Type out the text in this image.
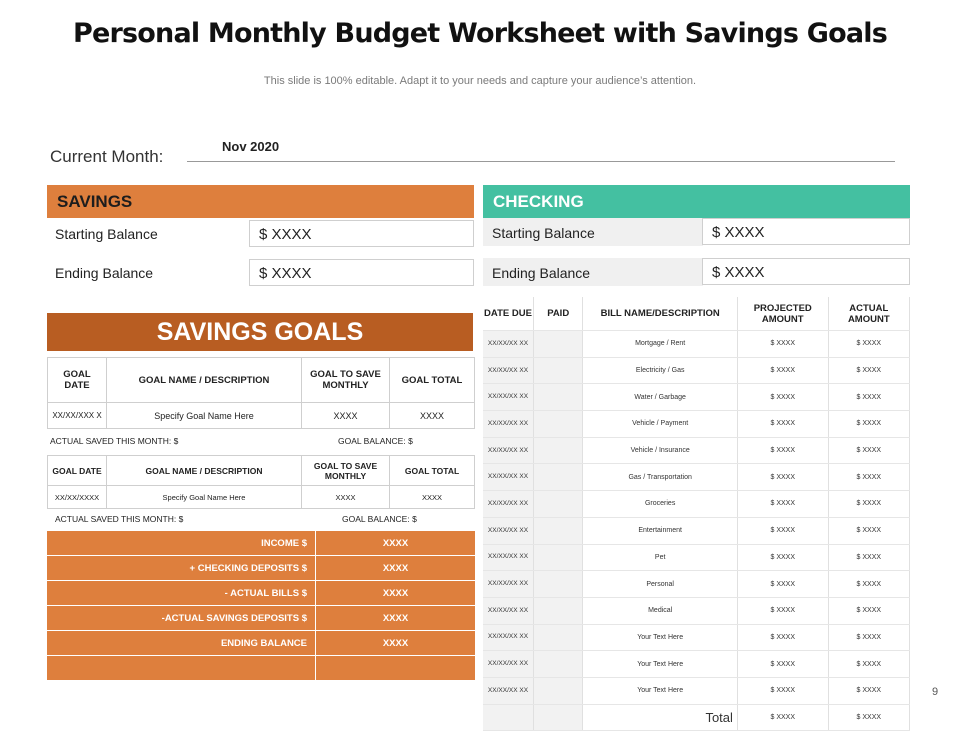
Personal Monthly Budget Worksheet with Savings Goals
This slide is 100% editable. Adapt it to your needs and capture your audience’s attention.
Current Month:
Nov 2020
SAVINGS
Starting Balance	$ XXXX
Ending Balance	$ XXXX
CHECKING
Starting Balance	$ XXXX
Ending Balance	$ XXXX
SAVINGS GOALS
GOAL DATE	GOAL NAME / DESCRIPTION	GOAL TO SAVE MONTHLY	GOAL TOTAL
XX/XX/XXX X	Specify Goal Name Here	XXXX	XXXX
ACTUAL SAVED THIS MONTH: $	GOAL BALANCE: $
GOAL DATE	GOAL NAME / DESCRIPTION	GOAL TO SAVE MONTHLY	GOAL TOTAL
XX/XX/XXXX	Specify Goal Name Here	XXXX	XXXX
ACTUAL SAVED THIS MONTH: $	GOAL BALANCE: $
INCOME $	XXXX
+ CHECKING DEPOSITS $	XXXX
- ACTUAL BILLS $	XXXX
-ACTUAL SAVINGS DEPOSITS $	XXXX
ENDING BALANCE	XXXX

DATE DUE	PAID	BILL NAME/DESCRIPTION	PROJECTED AMOUNT	ACTUAL AMOUNT
XX/XX/XX XX		Mortgage / Rent	$ XXXX	$ XXXX
XX/XX/XX XX		Electricity / Gas	$ XXXX	$ XXXX
XX/XX/XX XX		Water / Garbage	$ XXXX	$ XXXX
XX/XX/XX XX		Vehicle / Payment	$ XXXX	$ XXXX
XX/XX/XX XX		Vehicle / Insurance	$ XXXX	$ XXXX
XX/XX/XX XX		Gas / Transportation	$ XXXX	$ XXXX
XX/XX/XX XX		Groceries	$ XXXX	$ XXXX
XX/XX/XX XX		Entertainment	$ XXXX	$ XXXX
XX/XX/XX XX		Pet	$ XXXX	$ XXXX
XX/XX/XX XX		Personal	$ XXXX	$ XXXX
XX/XX/XX XX		Medical	$ XXXX	$ XXXX
XX/XX/XX XX		Your Text Here	$ XXXX	$ XXXX
XX/XX/XX XX		Your Text Here	$ XXXX	$ XXXX
XX/XX/XX XX		Your Text Here	$ XXXX	$ XXXX
		Total	$ XXXX	$ XXXX
9
